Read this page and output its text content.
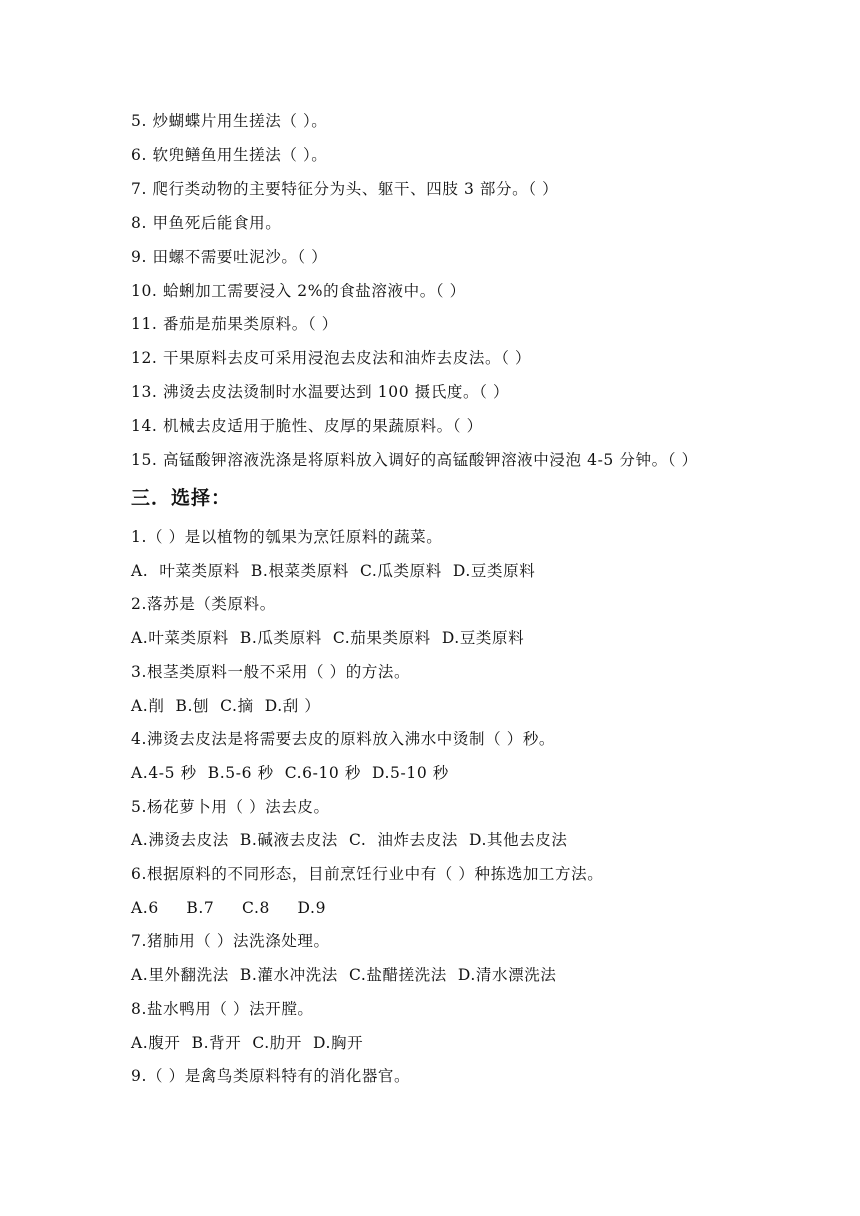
5. 炒蝴蝶片用生搓法（ ）。
6. 软兜鳝鱼用生搓法（ ）。
7. 爬行类动物的主要特征分为头、躯干、四肢 3 部分。（ ）
8. 甲鱼死后能食用。
9. 田螺不需要吐泥沙。（ ）
10. 蛤蜊加工需要浸入 2%的食盐溶液中。（ ）
11. 番茄是茄果类原料。（ ）
12. 干果原料去皮可采用浸泡去皮法和油炸去皮法。（ ）
13. 沸烫去皮法烫制时水温要达到 100 摄氏度。（ ）
14. 机械去皮适用于脆性、皮厚的果蔬原料。（ ）
15. 高锰酸钾溶液洗涤是将原料放入调好的高锰酸钾溶液中浸泡 4-5 分钟。（ ）
三．选择：
1.（ ）是以植物的瓠果为烹饪原料的蔬菜。
A.  叶菜类原料  B.根菜类原料  C.瓜类原料  D.豆类原料
2.落苏是（类原料。
A.叶菜类原料  B.瓜类原料  C.茄果类原料  D.豆类原料
3.根茎类原料一般不采用（ ）的方法。
A.削  B.刨  C.摘  D.刮 ）
4.沸烫去皮法是将需要去皮的原料放入沸水中烫制（ ）秒。
A.4-5 秒  B.5-6 秒  C.6-10 秒  D.5-10 秒
5.杨花萝卜用（ ）法去皮。
A.沸烫去皮法  B.碱液去皮法  C.  油炸去皮法  D.其他去皮法
6.根据原料的不同形态，目前烹饪行业中有（ ）种拣选加工方法。
A.6     B.7     C.8     D.9
7.猪肺用（ ）法洗涤处理。
A.里外翻洗法  B.灌水冲洗法  C.盐醋搓洗法  D.清水漂洗法
8.盐水鸭用（ ）法开膛。
A.腹开  B.背开  C.肋开  D.胸开
9.（ ）是禽鸟类原料特有的消化器官。
